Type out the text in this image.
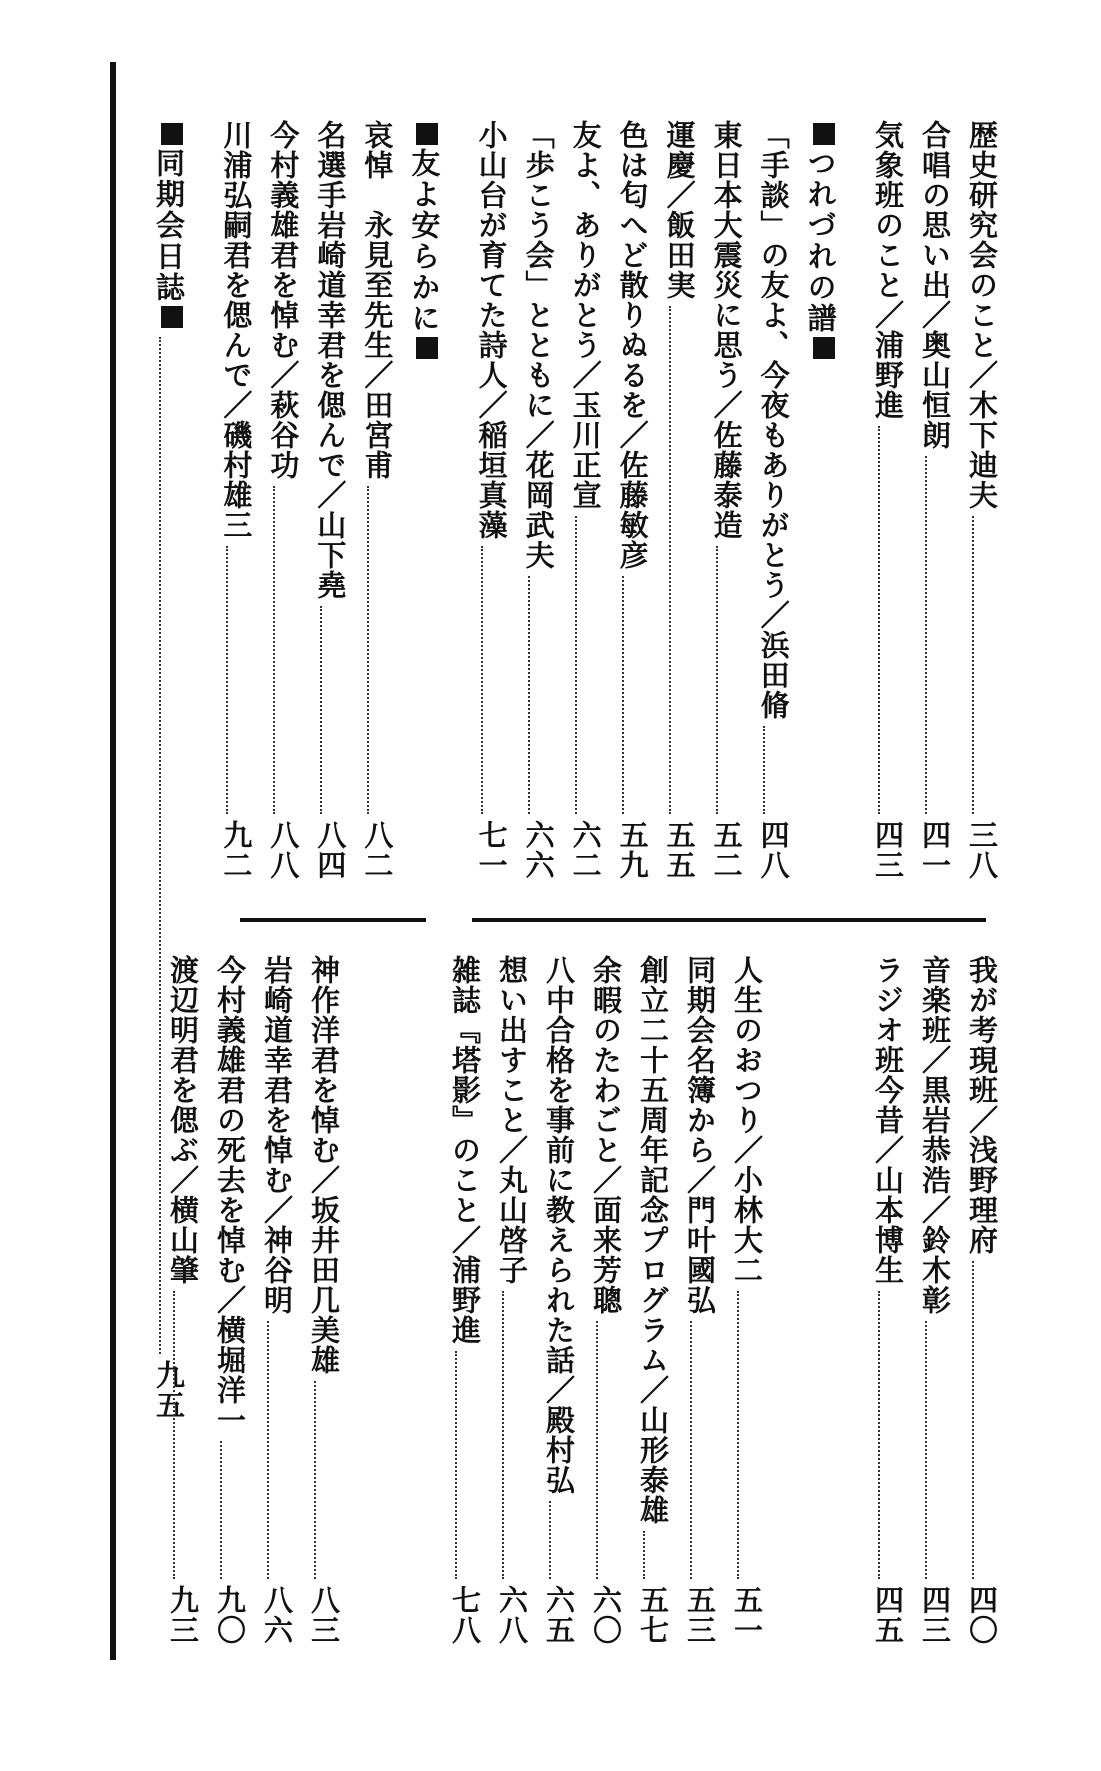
歴史研究会のこと／木下迪夫
三八
合唱の思い出／奥山恒朗
四一
気象班のこと／浦野進
四三
つれづれの譜
「手談」の友よ、今夜もありがとう／浜田脩
四八
東日本大震災に思う／佐藤泰造
五二
運慶／飯田実
五五
色は匂へど散りぬるを／佐藤敏彦
五九
友よ、ありがとう／玉川正宣
六二
「歩こう会」とともに／花岡武夫
六六
小山台が育てた詩人／稲垣真藻
七一
友よ安らかに
哀悼　永見至先生／田宮甫
八二
名選手岩崎道幸君を偲んで／山下堯
八四
今村義雄君を悼む／萩谷功
八八
川浦弘嗣君を偲んで／磯村雄三
九二
同期会日誌
九五
我が考現班／浅野理府
四〇
音楽班／黒岩恭浩／鈴木彰
四三
ラジオ班今昔／山本博生
四五
人生のおつり／小林大二
五一
同期会名簿から／門叶國弘
五三
創立二十五周年記念プログラム／山形泰雄
五七
余暇のたわごと／面来芳聰
六〇
八中合格を事前に教えられた話／殿村弘
六五
想い出すこと／丸山啓子
六八
雑誌『塔影』のこと／浦野進
七八
神作洋君を悼む／坂井田几美雄
八三
岩崎道幸君を悼む／神谷明
八六
今村義雄君の死去を悼む／横堀洋一
九〇
渡辺明君を偲ぶ／横山肇
九三
